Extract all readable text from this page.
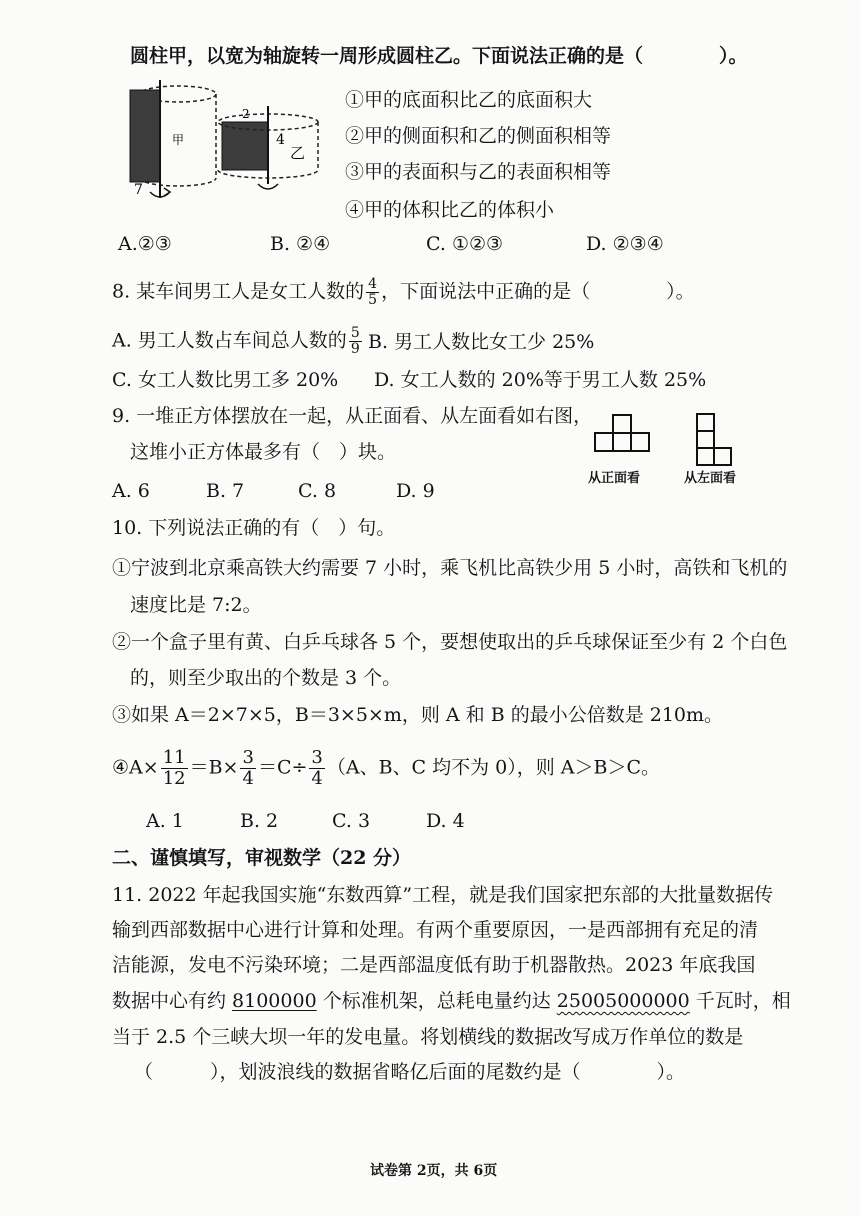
圆柱甲，以宽为轴旋转一周形成圆柱乙。下面说法正确的是（　　　　）。
甲
7
2
4
乙
①甲的底面积比乙的底面积大
②甲的侧面积和乙的侧面积相等
③甲的表面积与乙的表面积相等
④甲的体积比乙的体积小
A.②③	B. ②④	C. ①②③	D. ②③④
8. 某车间男工人是女工人数的 $\frac{4}{5}$ ，下面说法中正确的是（　　　　）。
A. 男工人数占车间总人数的 $\frac{5}{9} B$. 男工人数比女工少 25%
C. 女工人数比男工多 20% D. 女工人数的 20%等于男工人数 25%
9. 一堆正方体摆放在一起，从正面看、从左面看如右图，
这堆小正方体最多有（　）块。
从正面看	从左面看
A. 6	B. 7	C. 8	D. 9
10. 下列说法正确的有（　）句。
①宁波到北京乘高铁大约需要 7 小时，乘飞机比高铁少用 5 小时，高铁和飞机的
速度比是 7:2。
②一个盒子里有黄、白乒乓球各 5 个，要想使取出的乒乓球保证至少有 2 个白色
的，则至少取出的个数是 3 个。
③如果 A＝2×7×5，B＝3×5×m，则 A 和 B 的最小公倍数是 210m。
④A× $\frac{11}{12} =B\times \frac{3}{4} =C\div \frac{3}{4} (A$、B、C 均不为 0），则 A＞B＞C。
A. 1	B. 2	C. 3	D. 4
二、谨慎填写，审视数学（22 分）
11. 2022 年起我国实施“东数西算”工程，就是我们国家把东部的大批量数据传
输到西部数据中心进行计算和处理。有两个重要原因，一是西部拥有充足的清
洁能源，发电不污染环境；二是西部温度低有助于机器散热。2023 年底我国
数据中心有约 8100000 个标准机架，总耗电量约达 25005000000 千瓦时，相
当于 2.5 个三峡大坝一年的发电量。将划横线的数据改写成万作单位的数是
（　　　），划波浪线的数据省略亿后面的尾数约是（　　　　）。
试卷第 2页，共 6页
